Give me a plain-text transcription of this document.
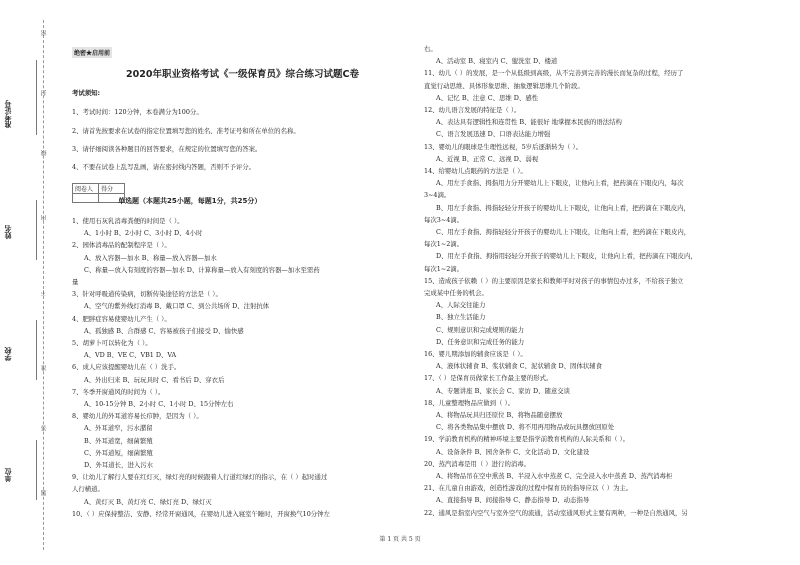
准考证号
姓名
学校
单位
密
封
线
内
不
准
答
题
绝密★启用前
2020年职业资格考试《一级保育员》综合练习试题C卷
考试须知:
1、考试时间：120分钟，本卷满分为100分。
2、请首先按要求在试卷的指定位置填写您的姓名、准考证号和所在单位的名称。
3、请仔细阅读各种题目的回答要求，在规定的位置填写您的答案。
4、不要在试卷上乱写乱画，请在密封线内答题，否则不予评分。
阅卷人	得分

单选题（本题共25小题，每题1分，共25分）
1、使用石灰乳消毒粪便的时间是（ ）。
A、1小时 B、2小时 C、3小时 D、4小时
2、园体消毒品的配制程序是（ ）。
A、放入容器—加水 B、称量—放入容器—加水
C、称量—放入有刻度的容器—加水 D、计算称量—放入有刻度的容器—加水至需药
量
3、针对呼吸道传染病，切断传染途径的方法是（ ）。
A、空气的紫外线灯消毒 B、戴口罩 C、到公共场所 D、注射抗体
4、肥胖症容易使婴幼儿产生（ ）。
A、孤独感 B、合群感 C、容易被孩子们接受 D、愉快感
5、胡萝卜可以转化为（ ）。
A、VD B、VE C、VB1 D、VA
6、成人应该提醒婴幼儿在（ ）洗手。
A、外出归来 B、玩玩具时 C、看书后 D、穿衣后
7、冬季开窗通风的时间为（ ）。
A、10-15分钟 B、2小时 C、1小时 D、15分钟左右
8、婴幼儿的外耳道容易长疖肿，是因为（ ）。
A、外耳道窄，污水潴留
B、外耳道宽，细菌繁殖
C、外耳道短，细菌繁殖
D、外耳道长，进入污水
9、让幼儿了解行人要在红灯灭，绿灯亮的时候跟着人行道红绿灯的指示，在（ ）起时通过
人行横道。
A、黄灯灭 B、黄灯亮 C、绿灯亮 D、绿灯灭
10、（ ）应保持整洁、安静、经常开窗通风，在婴幼儿进入寝室午睡时，开窗换气10分钟左
右。
A、活动室 B、寝室内 C、盥洗室 D、楼道
11、幼儿（ ）的发展，是一个从低级到高级，从不完善到完善的漫长而复杂的过程，经历了
直觉行动思维、具体形象思维、抽象逻辑思维几个阶段。
A、记忆 B、注意 C、思维 D、感性
12、幼儿语言发展的特征是（ ）。
A、表达具有逻辑性和连贯性 B、能很好 地掌握本民族的语法结构
C、语言发展迅速 D、口语表达能力增强
13、婴幼儿的眼球是生理性远视，5岁后逐渐转为（ ）。
A、近视 B、正常 C、远视 D、弱视
14、给婴幼儿点眼药的方法是（ ）。
A、用左手食指、拇指用力分开婴幼儿上下眼皮，让他向上看，把药滴在下眼皮内，每次
3~4滴。
B、用左手食指、拇指轻轻分开孩子的婴幼儿上下眼皮，让他向上看，把药滴在下眼皮内，
每次3~4滴。
C、用左手食指、拇指轻轻分开孩子的婴幼儿上下眼皮，让他向上看，把药滴在下眼皮内，
每次1~2滴。
D、用左手食指、拇指用轻轻分开孩子的婴幼儿上下眼皮，让他向上看，把药滴在下眼皮内，
每次1~2滴。
15、造成孩子依赖（ ）的主要原因是家长和教师平时对孩子的事情包办过多，不给孩子独立
完成某中任务的机会。
A、人际交往能力
B、独立生活能力
C、规则意识和完成规则的能力
D、任务意识和完成任务的能力
16、婴儿期添加的辅食应该是（ ）。
A、液体状辅食 B、浆状辅食 C、泥状辅食 D、固体状辅食
17、（ ）是保育员做家长工作最主要的形式。
A、专题讲座 B、家长会 C、家访 D、随意交谈
18、儿童整理物品应做到（ ）。
A、将物品玩具归还原位 B、将物品随意摆放
C、将各类物品集中摆放 D、将不用再用物品或玩具摆放回原处
19、学前教育机构的精神环境主要是指学前教育机构的人际关系和（ ）。
A、设备条件 B、园舍条件 C、文化活动 D、文化建设
20、蒸汽消毒是用（ ）进行的消毒。
A、将物品吊在空中熏蒸 B、半浸入水中蒸煮 C、完全浸入水中蒸煮 D、蒸汽消毒柜
21、在儿童自由游戏，创造性游戏的过程中保育员的指导应以（ ）为主。
A、直接指导 B、间接指导 C、静态指导 D、动态指导
22、通风是指室内空气与室外空气的流通，活动室通风形式主要有两种，一种是自然通风，另
第 1 页 共 5 页
